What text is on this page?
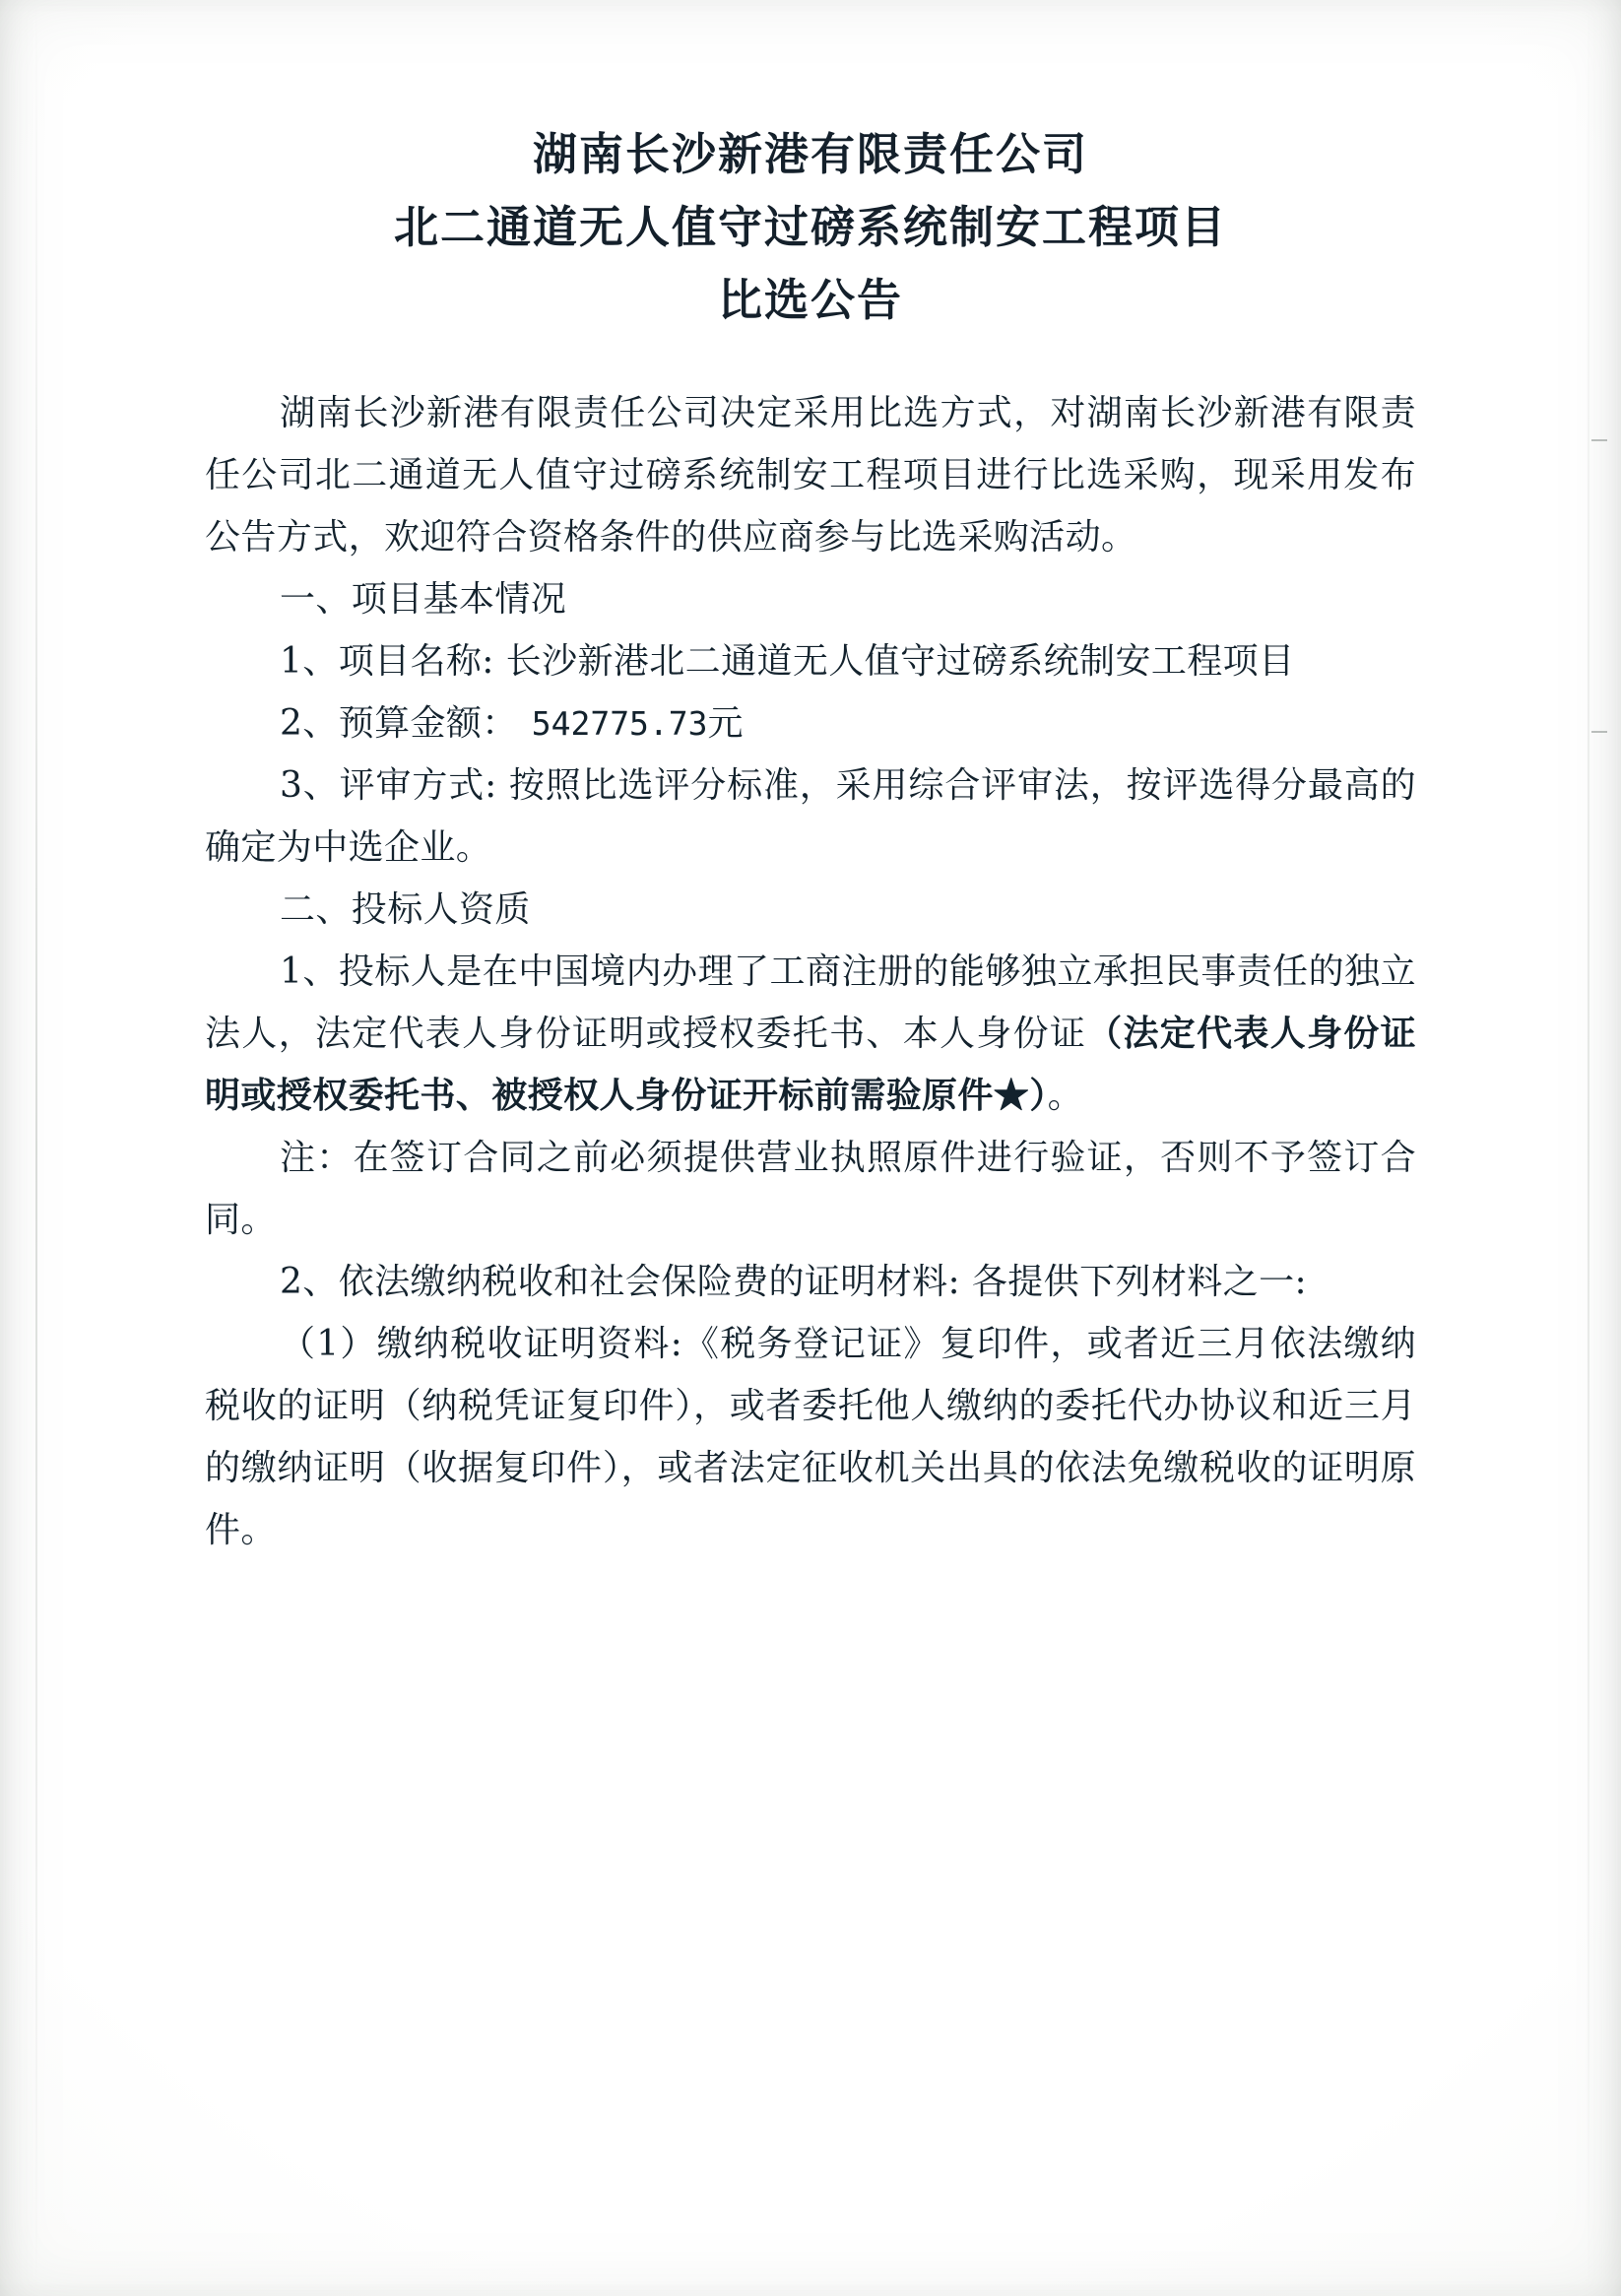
湖南长沙新港有限责任公司
北二通道无人值守过磅系统制安工程项目
比选公告

湖南长沙新港有限责任公司决定采用比选方式，对湖南长沙新港有限责任公司北二通道无人值守过磅系统制安工程项目进行比选采购，现采用发布公告方式，欢迎符合资格条件的供应商参与比选采购活动。

一、项目基本情况

1、项目名称: 长沙新港北二通道无人值守过磅系统制安工程项目

2、预算金额： 542775.73元

3、评审方式: 按照比选评分标准，采用综合评审法，按评选得分最高的确定为中选企业。

二、投标人资质

1、投标人是在中国境内办理了工商注册的能够独立承担民事责任的独立法人，法定代表人身份证明或授权委托书、本人身份证（法定代表人身份证明或授权委托书、被授权人身份证开标前需验原件★）。

注：在签订合同之前必须提供营业执照原件进行验证，否则不予签订合同。

2、依法缴纳税收和社会保险费的证明材料: 各提供下列材料之一:

（1）缴纳税收证明资料:《税务登记证》复印件，或者近三月依法缴纳税收的证明（纳税凭证复印件），或者委托他人缴纳的委托代办协议和近三月的缴纳证明（收据复印件），或者法定征收机关出具的依法免缴税收的证明原件。
